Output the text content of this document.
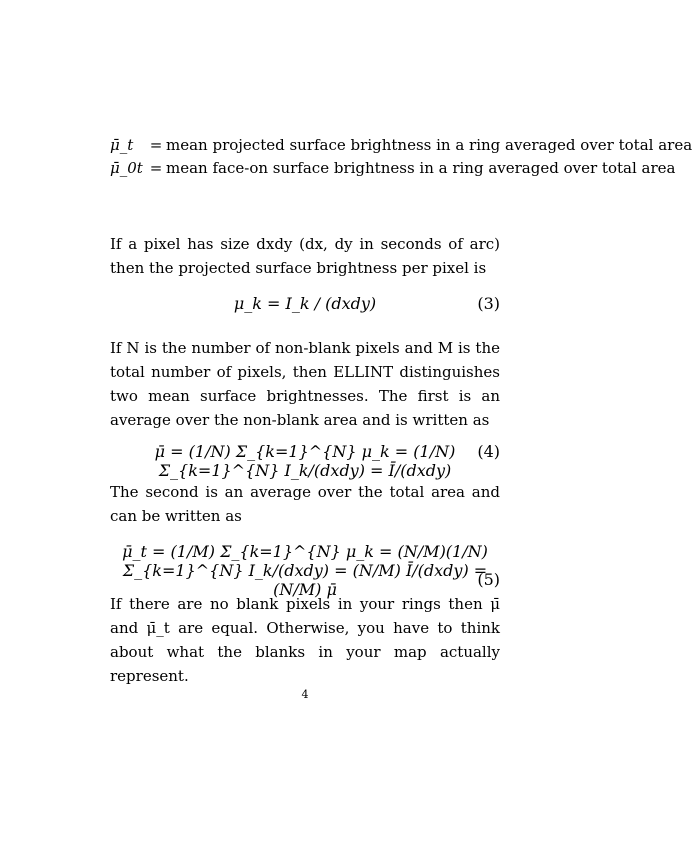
μ̄_t	= mean projected surface brightness in a ring averaged over total area
μ̄_0t = mean face-on surface brightness in a ring averaged over total area

If a pixel has size dxdy (dx, dy in seconds of arc) then the projected surface brightness per pixel is

μ_k = I_k / (dxdy)	(3)

If N is the number of non-blank pixels and M is the total number of pixels, then ELLINT distinguishes two mean surface brightnesses. The first is an average over the non-blank area and is written as

μ̄ = (1/N) Σ_{k=1}^{N} μ_k = (1/N) Σ_{k=1}^{N} I_k/(dxdy) = Ī/(dxdy)
(4)

The second is an average over the total area and can be written as

μ̄_t = (1/M) Σ_{k=1}^{N} μ_k = (N/M)(1/N) Σ_{k=1}^{N} I_k/(dxdy) = (N/M) Ī/(dxdy) = (N/M) μ̄
(5)

If there are no blank pixels in your rings then μ̄ and μ̄_t are equal. Otherwise, you have to think about what the blanks in your map actually represent.

4
